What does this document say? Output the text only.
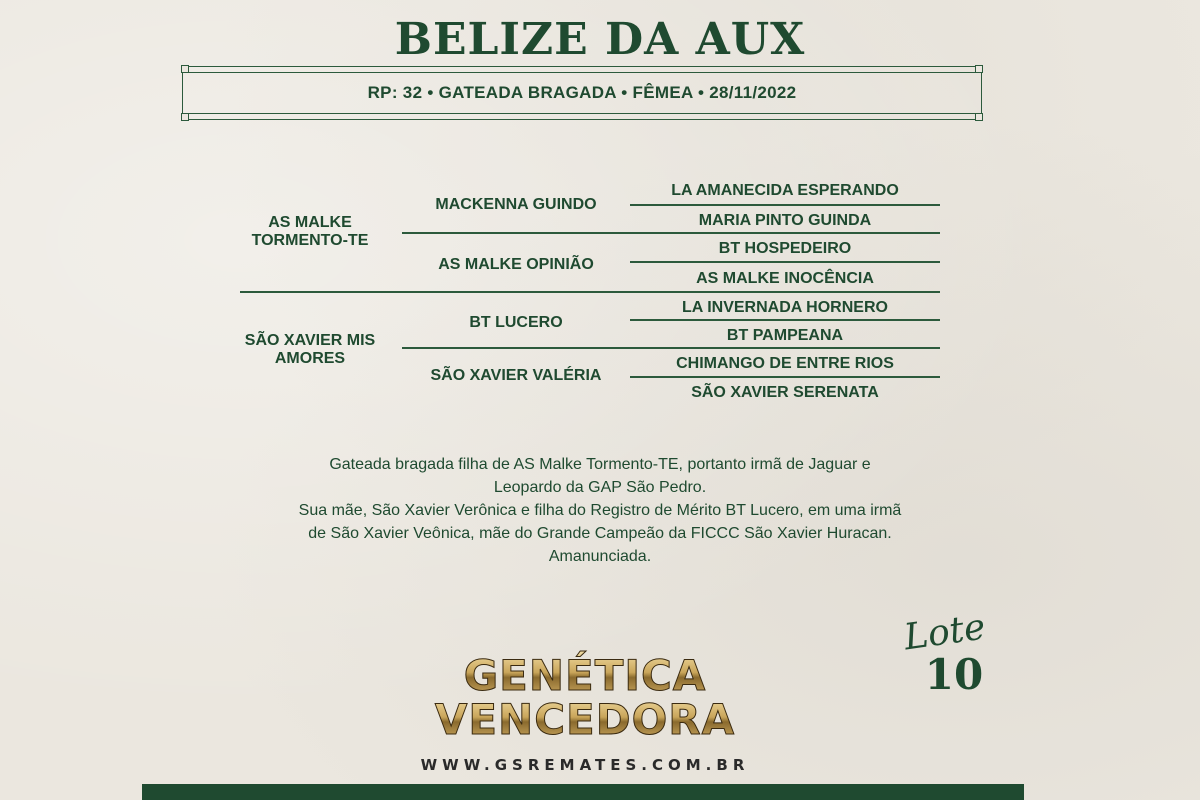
BELIZE DA AUX
RP: 32 • GATEADA BRAGADA • FÊMEA • 28/11/2022
AS MALKE
TORMENTO-TE
SÃO XAVIER MIS
AMORES
MACKENNA GUINDO
AS MALKE OPINIÃO
BT LUCERO
SÃO XAVIER VALÉRIA
LA AMANECIDA ESPERANDO
MARIA PINTO GUINDA
BT HOSPEDEIRO
AS MALKE INOCÊNCIA
LA INVERNADA HORNERO
BT PAMPEANA
CHIMANGO DE ENTRE RIOS
SÃO XAVIER SERENATA
Gateada bragada filha de AS Malke Tormento-TE, portanto irmã de Jaguar e
Leopardo da GAP São Pedro.
Sua mãe, São Xavier Verônica e filha do Registro de Mérito BT Lucero, em uma irmã
de São Xavier Veônica, mãe do Grande Campeão da FICCC São Xavier Huracan.
Amanunciada.
Lote
10
GENÉTICA
VENCEDORA
WWW.GSREMATES.COM.BR
